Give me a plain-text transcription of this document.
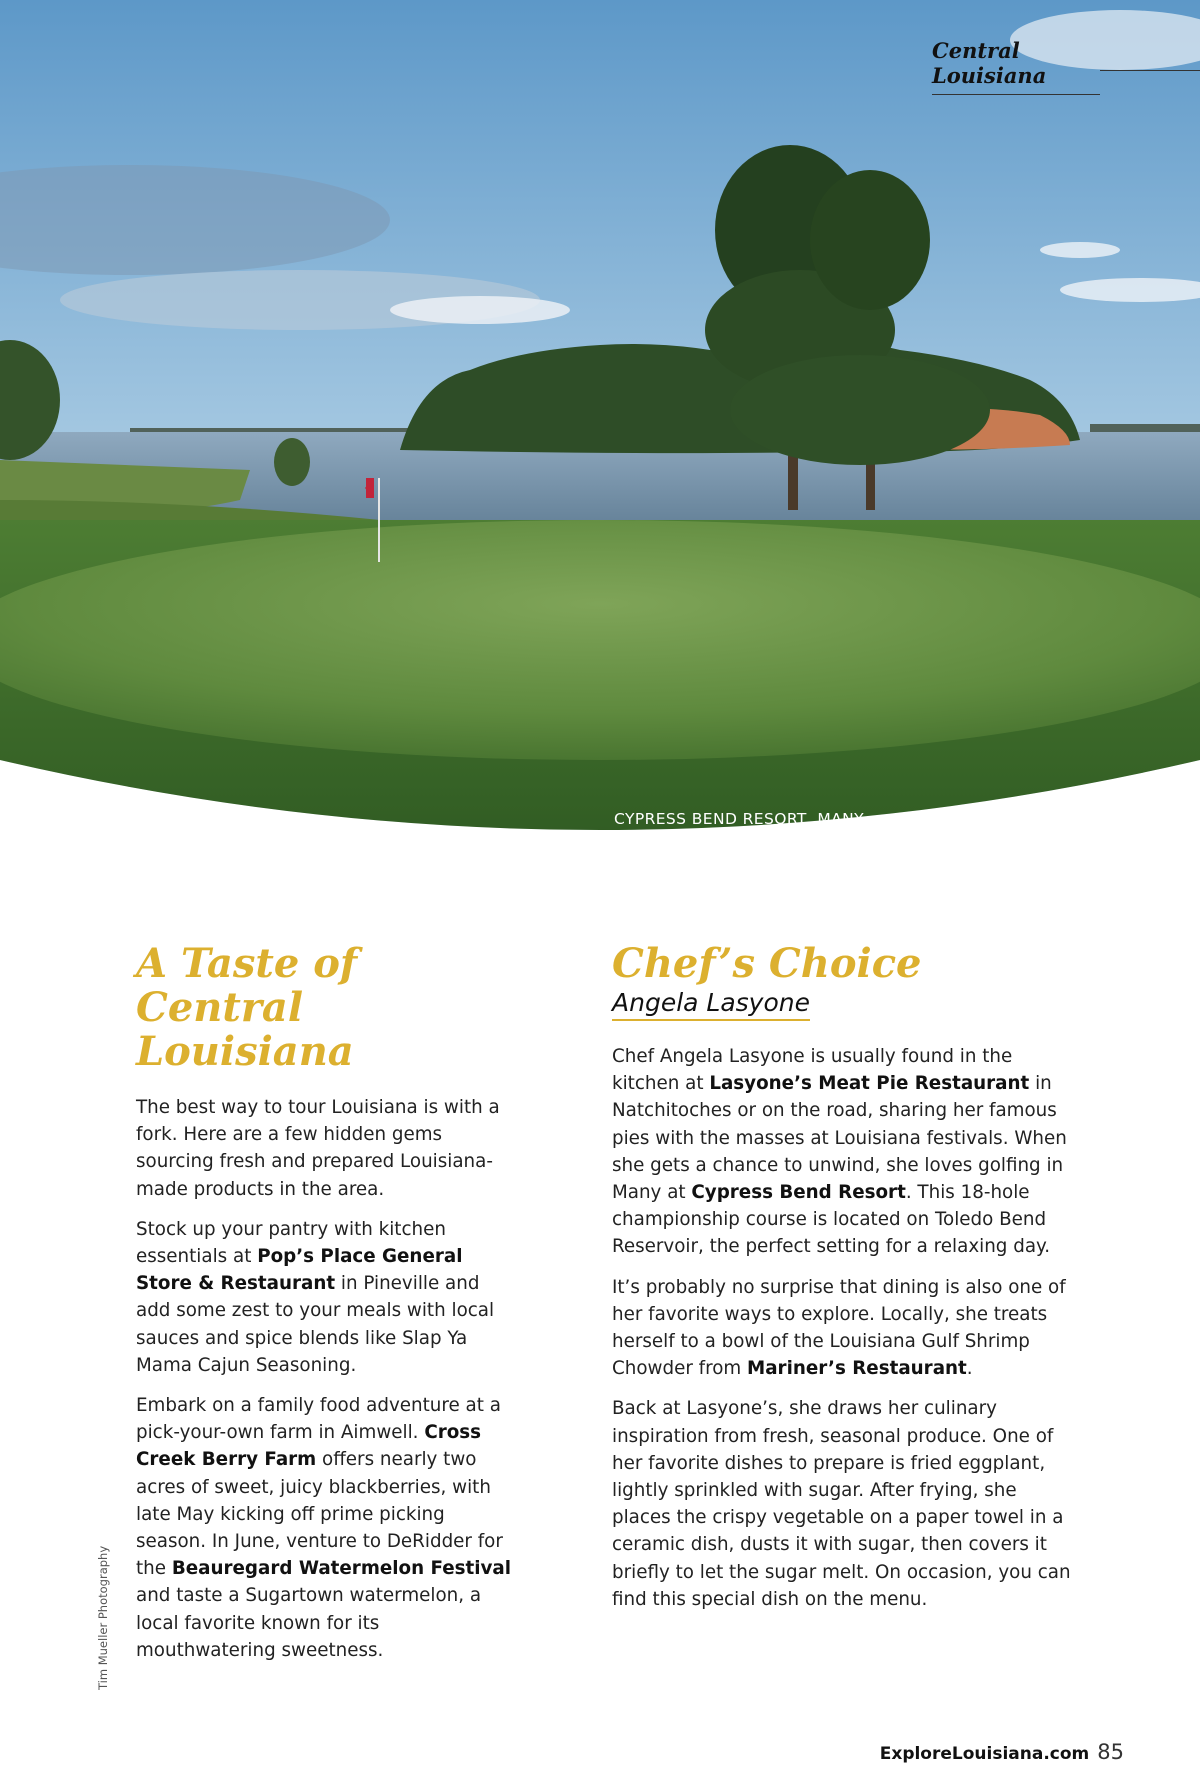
Central Louisiana
CYPRESS BEND RESORT, MANY
A Taste of
Central Louisiana

The best way to tour Louisiana is with a fork. Here are a few hidden gems sourcing fresh and prepared Louisiana-made products in the area.

Stock up your pantry with kitchen essentials at Pop’s Place General Store & Restaurant in Pineville and add some zest to your meals with local sauces and spice blends like Slap Ya Mama Cajun Seasoning.

Embark on a family food adventure at a pick-your-own farm in Aimwell. Cross Creek Berry Farm offers nearly two acres of sweet, juicy blackberries, with late May kicking off prime picking season. In June, venture to DeRidder for the Beauregard Watermelon Festival and taste a Sugartown watermelon, a local favorite known for its mouthwatering sweetness.

Chef’s Choice
Angela Lasyone

Chef Angela Lasyone is usually found in the kitchen at Lasyone’s Meat Pie Restaurant in Natchitoches or on the road, sharing her famous pies with the masses at Louisiana festivals. When she gets a chance to unwind, she loves golfing in Many at Cypress Bend Resort. This 18-hole championship course is located on Toledo Bend Reservoir, the perfect setting for a relaxing day.

It’s probably no surprise that dining is also one of her favorite ways to explore. Locally, she treats herself to a bowl of the Louisiana Gulf Shrimp Chowder from Mariner’s Restaurant.

Back at Lasyone’s, she draws her culinary inspiration from fresh, seasonal produce. One of her favorite dishes to prepare is fried eggplant, lightly sprinkled with sugar. After frying, she places the crispy vegetable on a paper towel in a ceramic dish, dusts it with sugar, then covers it briefly to let the sugar melt. On occasion, you can find this special dish on the menu.

Tim Mueller Photography
ExploreLouisiana.com 85
